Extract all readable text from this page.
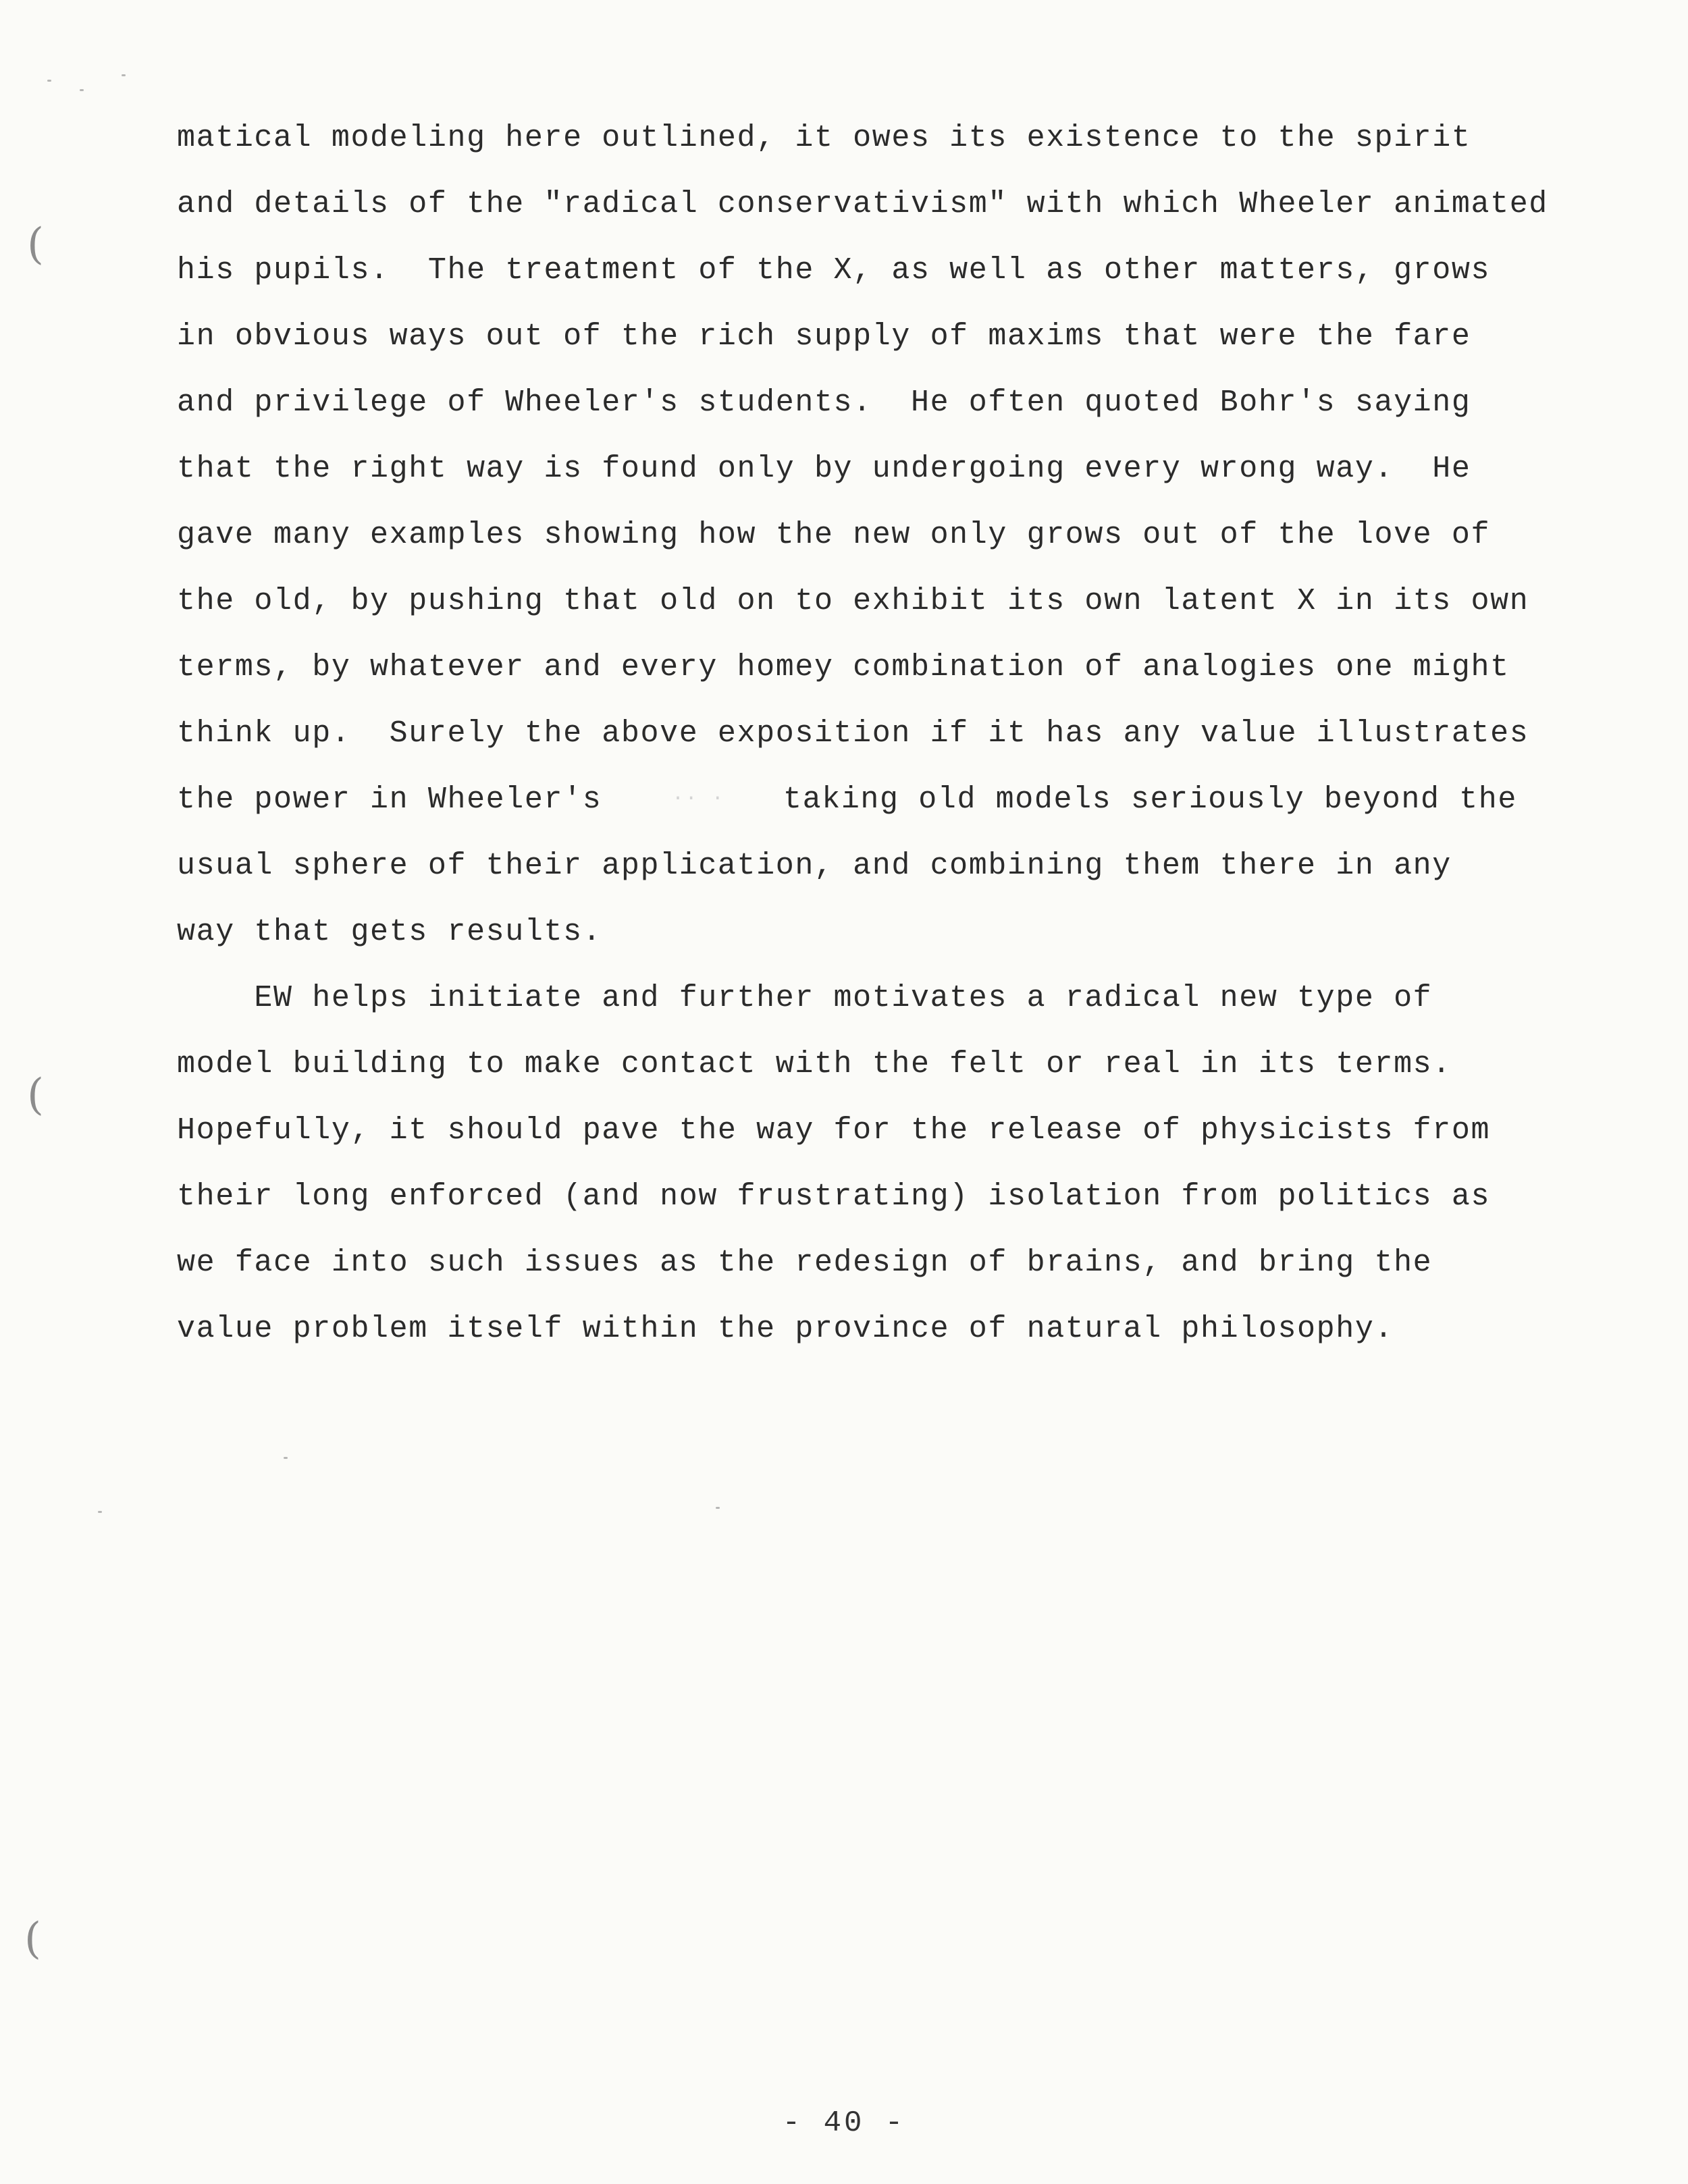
(
(
(
matical modeling here outlined, it owes its existence to the spirit
and details of the "radical conservativism" with which Wheeler animated
his pupils.  The treatment of the X, as well as other matters, grows
in obvious ways out of the rich supply of maxims that were the fare
and privilege of Wheeler's students.  He often quoted Bohr's saying
that the right way is found only by undergoing every wrong way.  He
gave many examples showing how the new only grows out of the love of
the old, by pushing that old on to exhibit its own latent X in its own
terms, by whatever and every homey combination of analogies one might
think up.  Surely the above exposition if it has any value illustrates
the power in Wheeler's	·· · taking old models seriously beyond the
usual sphere of their application, and combining them there in any
way that gets results.
EW helps initiate and further motivates a radical new type of
model building to make contact with the felt or real in its terms.
Hopefully, it should pave the way for the release of physicists from
their long enforced (and now frustrating) isolation from politics as
we face into such issues as the redesign of brains, and bring the
value problem itself within the province of natural philosophy.
- 40 -
